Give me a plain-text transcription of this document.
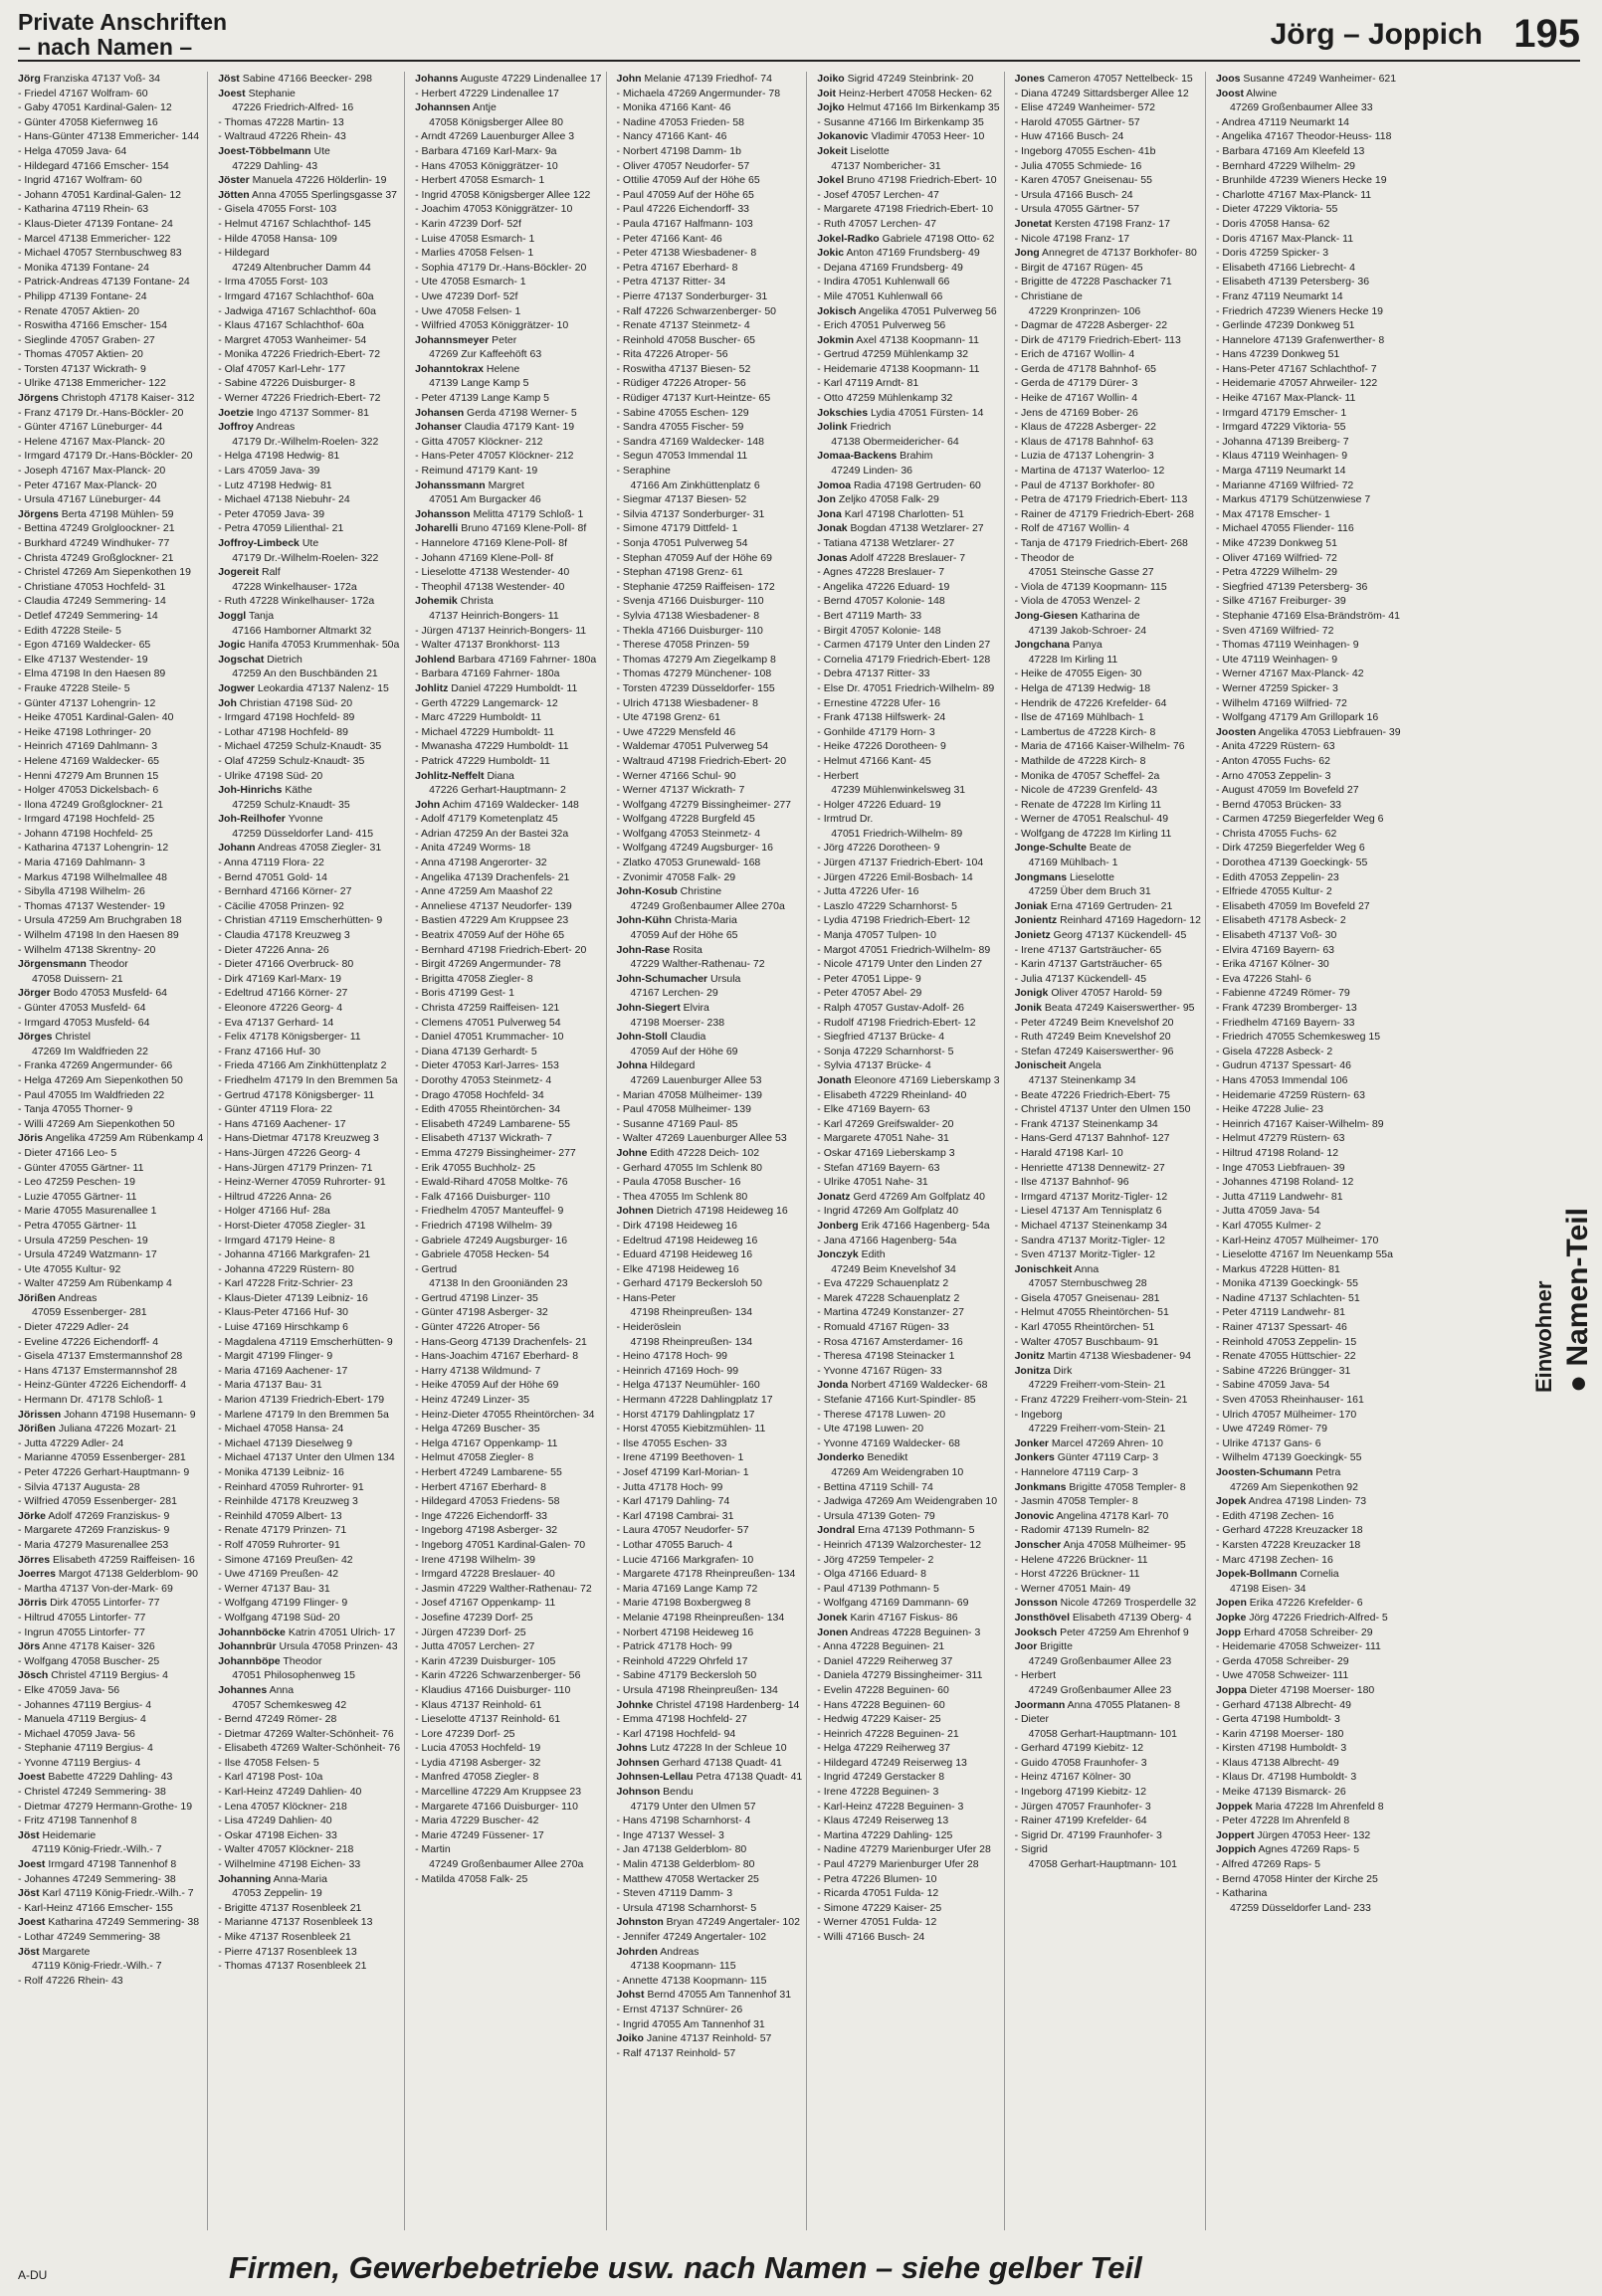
Private Anschriften
– nach Namen –	Jörg – Joppich 195
Jörg Franziska 47137 Voß- 34
- Friedel 47167 Wolfram- 60
- Gaby 47051 Kardinal-Galen- 12
- Günter 47058 Kiefernweg 16
- Hans-Günter 47138 Emmericher- 144
- Helga 47059 Java- 64
- Hildegard 47166 Emscher- 154
- Ingrid 47167 Wolfram- 60
- Johann 47051 Kardinal-Galen- 12
- Katharina 47119 Rhein- 63
- Klaus-Dieter 47139 Fontane- 24
- Marcel 47138 Emmericher- 122
- Michael 47057 Sternbuschweg 83
- Monika 47139 Fontane- 24
- Patrick-Andreas 47139 Fontane- 24
- Philipp 47139 Fontane- 24
- Renate 47057 Aktien- 20
- Roswitha 47166 Emscher- 154
- Sieglinde 47057 Graben- 27
- Thomas 47057 Aktien- 20
- Torsten 47137 Wickrath- 9
- Ulrike 47138 Emmericher- 122
Jörgens Christoph 47178 Kaiser- 312
- Franz 47179 Dr.-Hans-Böckler- 20
- Günter 47167 Lüneburger- 44
- Helene 47167 Max-Planck- 20
- Irmgard 47179 Dr.-Hans-Böckler- 20
- Joseph 47167 Max-Planck- 20
- Peter 47167 Max-Planck- 20
- Ursula 47167 Lüneburger- 44
Jörgens Berta 47198 Mühlen- 59
- Bettina 47249 Grolgloockner- 21
- Burkhard 47249 Windhuker- 77
- Christa 47249 Großglockner- 21
- Christel 47269 Am Siepenkothen 19
- Christiane 47053 Hochfeld- 31
- Claudia 47249 Semmering- 14
- Detlef 47249 Semmering- 14
- Edith 47228 Steile- 5
- Egon 47169 Waldecker- 65
- Elke 47137 Westender- 19
- Elma 47198 In den Haesen 89
- Frauke 47228 Steile- 5
- Günter 47137 Lohengrin- 12
- Heike 47051 Kardinal-Galen- 40
- Heike 47198 Lothringer- 20
- Heinrich 47169 Dahlmann- 3
- Helene 47169 Waldecker- 65
- Henni 47279 Am Brunnen 15
- Holger 47053 Dickelsbach- 6
- Ilona 47249 Großglockner- 21
- Irmgard 47198 Hochfeld- 25
- Johann 47198 Hochfeld- 25
- Katharina 47137 Lohengrin- 12
- Maria 47169 Dahlmann- 3
- Markus 47198 Wilhelmallee 48
- Sibylla 47198 Wilhelm- 26
- Thomas 47137 Westender- 19
- Ursula 47259 Am Bruchgraben 18
- Wilhelm 47198 In den Haesen 89
- Wilhelm 47138 Skrentny- 20
Jörgensmann Theodor
47058 Duissern- 21
Jörger Bodo 47053 Musfeld- 64
- Günter 47053 Musfeld- 64
- Irmgard 47053 Musfeld- 64
Jörges Christel
47269 Im Waldfrieden 22
- Franka 47269 Angermunder- 66
- Helga 47269 Am Siepenkothen 50
- Paul 47055 Im Waldfrieden 22
- Tanja 47055 Thorner- 9
- Willi 47269 Am Siepenkothen 50
Jöris Angelika 47259 Am Rübenkamp 4
- Dieter 47166 Leo- 5
- Günter 47055 Gärtner- 11
- Leo 47259 Peschen- 19
- Luzie 47055 Gärtner- 11
- Marie 47055 Masurenallee 1
- Petra 47055 Gärtner- 11
- Ursula 47259 Peschen- 19
- Ursula 47249 Watzmann- 17
- Ute 47055 Kultur- 92
- Walter 47259 Am Rübenkamp 4
Jörißen Andreas
47059 Essenberger- 281
- Dieter 47229 Adler- 24
- Eveline 47226 Eichendorff- 4
- Gisela 47137 Emstermannshof 28
- Hans 47137 Emstermannshof 28
- Heinz-Günter 47226 Eichendorff- 4
- Hermann Dr. 47178 Schloß- 1
Jörissen Johann 47198 Husemann- 9
Jörißen Juliana 47226 Mozart- 21
- Jutta 47229 Adler- 24
- Marianne 47059 Essenberger- 281
- Peter 47226 Gerhart-Hauptmann- 9
- Silvia 47137 Augusta- 28
- Wilfried 47059 Essenberger- 281
Jörke Adolf 47269 Franziskus- 9
- Margarete 47269 Franziskus- 9
- Maria 47279 Masurenallee 253
Jörres Elisabeth 47259 Raiffeisen- 16
Joerres Margot 47138 Gelderblom- 90
- Martha 47137 Von-der-Mark- 69
Jörris Dirk 47055 Lintorfer- 77
- Hiltrud 47055 Lintorfer- 77
- Ingrun 47055 Lintorfer- 77
Jörs Anne 47178 Kaiser- 326
- Wolfgang 47058 Buscher- 25
Jösch Christel 47119 Bergius- 4
- Elke 47059 Java- 56
- Johannes 47119 Bergius- 4
- Manuela 47119 Bergius- 4
- Michael 47059 Java- 56
- Stephanie 47119 Bergius- 4
- Yvonne 47119 Bergius- 4
Joest Babette 47229 Dahling- 43
- Christel 47249 Semmering- 38
- Dietmar 47279 Hermann-Grothe- 19
- Fritz 47198 Tannenhof 8
Jöst Heidemarie
47119 König-Friedr.-Wilh.- 7
Joest Irmgard 47198 Tannenhof 8
- Johannes 47249 Semmering- 38
Jöst Karl 47119 König-Friedr.-Wilh.- 7
- Karl-Heinz 47166 Emscher- 155
Joest Katharina 47249 Semmering- 38
- Lothar 47249 Semmering- 38
Jöst Margarete
47119 König-Friedr.-Wilh.- 7
- Rolf 47226 Rhein- 43
Jöst Sabine 47166 Beecker- 298
Joest Stephanie
47226 Friedrich-Alfred- 16
- Thomas 47228 Martin- 13
- Waltraud 47226 Rhein- 43
Joest-Többelmann Ute
47229 Dahling- 43
Jöster Manuela 47226 Hölderlin- 19
Jötten Anna 47055 Sperlingsgasse 37
- Gisela 47055 Forst- 103
- Helmut 47167 Schlachthof- 145
- Hilde 47058 Hansa- 109
- Hildegard
47249 Altenbrucher Damm 44
- Irma 47055 Forst- 103
- Irmgard 47167 Schlachthof- 60a
- Jadwiga 47167 Schlachthof- 60a
- Klaus 47167 Schlachthof- 60a
- Margret 47053 Wanheimer- 54
- Monika 47226 Friedrich-Ebert- 72
- Olaf 47057 Karl-Lehr- 177
- Sabine 47226 Duisburger- 8
- Werner 47226 Friedrich-Ebert- 72
Joetzie Ingo 47137 Sommer- 81
Joffroy Andreas
47179 Dr.-Wilhelm-Roelen- 322
- Helga 47198 Hedwig- 81
- Lars 47059 Java- 39
- Lutz 47198 Hedwig- 81
- Michael 47138 Niebuhr- 24
- Peter 47059 Java- 39
- Petra 47059 Lilienthal- 21
Joffroy-Limbeck Ute
47179 Dr.-Wilhelm-Roelen- 322
Jogereit Ralf
47228 Winkelhauser- 172a
- Ruth 47228 Winkelhauser- 172a
Joggl Tanja
47166 Hamborner Altmarkt 32
Jogic Hanifa 47053 Krummenhak- 50a
Jogschat Dietrich
47259 An den Buschbänden 21
Jogwer Leokardia 47137 Nalenz- 15
Joh Christian 47198 Süd- 20
- Irmgard 47198 Hochfeld- 89
- Lothar 47198 Hochfeld- 89
- Michael 47259 Schulz-Knaudt- 35
- Olaf 47259 Schulz-Knaudt- 35
- Ulrike 47198 Süd- 20
Joh-Hinrichs Käthe
47259 Schulz-Knaudt- 35
Joh-Reilhofer Yvonne
47259 Düsseldorfer Land- 415
Johann Andreas 47058 Ziegler- 31
- Anna 47119 Flora- 22
- Bernd 47051 Gold- 14
- Bernhard 47166 Körner- 27
- Cäcilie 47058 Prinzen- 92
- Christian 47119 Emscherhütten- 9
- Claudia 47178 Kreuzweg 3
- Dieter 47226 Anna- 26
- Dieter 47166 Overbruck- 80
- Dirk 47169 Karl-Marx- 19
- Edeltrud 47166 Körner- 27
- Eleonore 47226 Georg- 4
- Eva 47137 Gerhard- 14
- Felix 47178 Königsberger- 11
- Franz 47166 Huf- 30
- Frieda 47166 Am Zinkhüttenplatz 2
- Friedhelm 47179 In den Bremmen 5a
- Gertrud 47178 Königsberger- 11
- Günter 47119 Flora- 22
- Hans 47169 Aachener- 17
- Hans-Dietmar 47178 Kreuzweg 3
- Hans-Jürgen 47226 Georg- 4
- Hans-Jürgen 47179 Prinzen- 71
- Heinz-Werner 47059 Ruhrorter- 91
- Hiltrud 47226 Anna- 26
- Holger 47166 Huf- 28a
- Horst-Dieter 47058 Ziegler- 31
- Irmgard 47179 Heine- 8
- Johanna 47166 Markgrafen- 21
- Johanna 47229 Rüstern- 80
- Karl 47228 Fritz-Schrier- 23
- Klaus-Dieter 47139 Leibniz- 16
- Klaus-Peter 47166 Huf- 30
- Luise 47169 Hirschkamp 6
- Magdalena 47119 Emscherhütten- 9
- Margit 47199 Flinger- 9
- Maria 47169 Aachener- 17
- Maria 47137 Bau- 31
- Marion 47139 Friedrich-Ebert- 179
- Marlene 47179 In den Bremmen 5a
- Michael 47058 Hansa- 24
- Michael 47139 Dieselweg 9
- Michael 47137 Unter den Ulmen 134
- Monika 47139 Leibniz- 16
- Reinhard 47059 Ruhrorter- 91
- Reinhilde 47178 Kreuzweg 3
- Reinhild 47059 Albert- 13
- Renate 47179 Prinzen- 71
- Rolf 47059 Ruhrorter- 91
- Simone 47169 Preußen- 42
- Uwe 47169 Preußen- 42
- Werner 47137 Bau- 31
- Wolfgang 47199 Flinger- 9
- Wolfgang 47198 Süd- 20
Johannböcke Katrin 47051 Ulrich- 17
Johannbrür Ursula 47058 Prinzen- 43
Johannböpe Theodor
47051 Philosophenweg 15
Johannes Anna
47057 Schemkesweg 42
- Bernd 47249 Römer- 28
- Dietmar 47269 Walter-Schönheit- 76
- Elisabeth 47269 Walter-Schönheit- 76
- Ilse 47058 Felsen- 5
- Karl 47198 Post- 10a
- Karl-Heinz 47249 Dahlien- 40
- Lena 47057 Klöckner- 218
- Lisa 47249 Dahlien- 40
- Oskar 47198 Eichen- 33
- Walter 47057 Klöckner- 218
- Wilhelmine 47198 Eichen- 33
Johanning Anna-Maria
47053 Zeppelin- 19
- Brigitte 47137 Rosenbleek 21
- Marianne 47137 Rosenbleek 13
- Mike 47137 Rosenbleek 21
- Pierre 47137 Rosenbleek 13
- Thomas 47137 Rosenbleek 21
Johanns Auguste 47229 Lindenallee 17
- Herbert 47229 Lindenallee 17
Johannsen Antje
47058 Königsberger Allee 80
- Arndt 47269 Lauenburger Allee 3
- Barbara 47169 Karl-Marx- 9a
- Hans 47053 Königgrätzer- 10
- Herbert 47058 Esmarch- 1
- Ingrid 47058 Königsberger Allee 122
- Joachim 47053 Königgrätzer- 10
- Karin 47239 Dorf- 52f
- Luise 47058 Esmarch- 1
- Marlies 47058 Felsen- 1
- Sophia 47179 Dr.-Hans-Böckler- 20
- Ute 47058 Esmarch- 1
- Uwe 47239 Dorf- 52f
- Uwe 47058 Felsen- 1
- Wilfried 47053 Königgrätzer- 10
Johannsmeyer Peter
47269 Zur Kaffeehöft 63
Johanntokrax Helene
47139 Lange Kamp 5
- Peter 47139 Lange Kamp 5
Johansen Gerda 47198 Werner- 5
Johanser Claudia 47179 Kant- 19
- Gitta 47057 Klöckner- 212
- Hans-Peter 47057 Klöckner- 212
- Reimund 47179 Kant- 19
Johanssmann Margret
47051 Am Burgacker 46
Johansson Melitta 47179 Schloß- 1
Joharelli Bruno 47169 Klene-Poll- 8f
- Hannelore 47169 Klene-Poll- 8f
- Johann 47169 Klene-Poll- 8f
- Lieselotte 47138 Westender- 40
- Theophil 47138 Westender- 40
Johemik Christa
47137 Heinrich-Bongers- 11
- Jürgen 47137 Heinrich-Bongers- 11
- Walter 47137 Bronkhorst- 113
Johlend Barbara 47169 Fahrner- 180a
- Barbara 47169 Fahrner- 180a
Johlitz Daniel 47229 Humboldt- 11
- Gerth 47229 Langemarck- 12
- Marc 47229 Humboldt- 11
- Michael 47229 Humboldt- 11
- Mwanasha 47229 Humboldt- 11
- Patrick 47229 Humboldt- 11
Johlitz-Neffelt Diana
47226 Gerhart-Hauptmann- 2
John Achim 47169 Waldecker- 148
- Adolf 47179 Kometenplatz 45
- Adrian 47259 An der Bastei 32a
- Anita 47249 Worms- 18
- Anna 47198 Angerorter- 32
- Angelika 47139 Drachenfels- 21
- Anne 47259 Am Maashof 22
- Anneliese 47137 Neudorfer- 139
- Bastien 47229 Am Kruppsee 23
- Beatrix 47059 Auf der Höhe 65
- Bernhard 47198 Friedrich-Ebert- 20
- Birgit 47269 Angermunder- 78
- Brigitta 47058 Ziegler- 8
- Boris 47199 Gest- 1
- Christa 47259 Raiffeisen- 121
- Clemens 47051 Pulverweg 54
- Daniel 47051 Krummacher- 10
- Diana 47139 Gerhardt- 5
- Dieter 47053 Karl-Jarres- 153
- Dorothy 47053 Steinmetz- 4
- Drago 47058 Hochfeld- 34
- Edith 47055 Rheintörchen- 34
- Elisabeth 47249 Lambarene- 55
- Elisabeth 47137 Wickrath- 7
- Emma 47279 Bissingheimer- 277
- Erik 47055 Buchholz- 25
- Ewald-Rihard 47058 Moltke- 76
- Falk 47166 Duisburger- 110
- Friedhelm 47057 Manteuffel- 9
- Friedrich 47198 Wilhelm- 39
- Gabriele 47249 Augsburger- 16
- Gabriele 47058 Hecken- 54
- Gertrud
47138 In den Grooniänden 23
- Gertrud 47198 Linzer- 35
- Günter 47198 Asberger- 32
- Günter 47226 Atroper- 56
- Hans-Georg 47139 Drachenfels- 21
- Hans-Joachim 47167 Eberhard- 8
- Harry 47138 Wildmund- 7
- Heike 47059 Auf der Höhe 69
- Heinz 47249 Linzer- 35
- Heinz-Dieter 47055 Rheintörchen- 34
- Helga 47269 Buscher- 35
- Helga 47167 Oppenkamp- 11
- Helmut 47058 Ziegler- 8
- Herbert 47249 Lambarene- 55
- Herbert 47167 Eberhard- 8
- Hildegard 47053 Friedens- 58
- Inge 47226 Eichendorff- 33
- Ingeborg 47198 Asberger- 32
- Ingeborg 47051 Kardinal-Galen- 70
- Irene 47198 Wilhelm- 39
- Irmgard 47228 Breslauer- 40
- Jasmin 47229 Walther-Rathenau- 72
- Josef 47167 Oppenkamp- 11
- Josefine 47239 Dorf- 25
- Jürgen 47239 Dorf- 25
- Jutta 47057 Lerchen- 27
- Karin 47239 Duisburger- 105
- Karin 47226 Schwarzenberger- 56
- Klaudius 47166 Duisburger- 110
- Klaus 47137 Reinhold- 61
- Lieselotte 47137 Reinhold- 61
- Lore 47239 Dorf- 25
- Lucia 47053 Hochfeld- 19
- Lydia 47198 Asberger- 32
- Manfred 47058 Ziegler- 8
- Marcelline 47229 Am Kruppsee 23
- Margarete 47166 Duisburger- 110
- Maria 47229 Buscher- 42
- Marie 47249 Füssener- 17
- Martin
47249 Großenbaumer Allee 270a
- Matilda 47058 Falk- 25
John Melanie 47139 Friedhof- 74
- Michaela 47269 Angermunder- 78
- Monika 47166 Kant- 46
- Nadine 47053 Frieden- 58
- Nancy 47166 Kant- 46
- Norbert 47198 Damm- 1b
- Oliver 47057 Neudorfer- 57
- Ottilie 47059 Auf der Höhe 65
- Paul 47059 Auf der Höhe 65
- Paul 47226 Eichendorff- 33
- Paula 47167 Halfmann- 103
- Peter 47166 Kant- 46
- Peter 47138 Wiesbadener- 8
- Petra 47167 Eberhard- 8
- Petra 47137 Ritter- 34
- Pierre 47137 Sonderburger- 31
- Ralf 47226 Schwarzenberger- 50
- Renate 47137 Steinmetz- 4
- Reinhold 47058 Buscher- 65
- Rita 47226 Atroper- 56
- Roswitha 47137 Biesen- 52
- Rüdiger 47226 Atroper- 56
- Rüdiger 47137 Kurt-Heintze- 65
- Sabine 47055 Eschen- 129
- Sandra 47055 Fischer- 59
- Sandra 47169 Waldecker- 148
- Segun 47053 Immendal 11
- Seraphine
47166 Am Zinkhüttenplatz 6
- Siegmar 47137 Biesen- 52
- Silvia 47137 Sonderburger- 31
- Simone 47179 Dittfeld- 1
- Sonja 47051 Pulverweg 54
- Stephan 47059 Auf der Höhe 69
- Stephan 47198 Grenz- 61
- Stephanie 47259 Raiffeisen- 172
- Svenja 47166 Duisburger- 110
- Sylvia 47138 Wiesbadener- 8
- Thekla 47166 Duisburger- 110
- Therese 47058 Prinzen- 59
- Thomas 47279 Am Ziegelkamp 8
- Thomas 47279 Münchener- 108
- Torsten 47239 Düsseldorfer- 155
- Ulrich 47138 Wiesbadener- 8
- Ute 47198 Grenz- 61
- Uwe 47229 Mensfeld 46
- Waldemar 47051 Pulverweg 54
- Waltraud 47198 Friedrich-Ebert- 20
- Werner 47166 Schul- 90
- Werner 47137 Wickrath- 7
- Wolfgang 47279 Bissingheimer- 277
- Wolfgang 47228 Burgfeld 45
- Wolfgang 47053 Steinmetz- 4
- Wolfgang 47249 Augsburger- 16
- Zlatko 47053 Grunewald- 168
- Zvonimir 47058 Falk- 29
John-Kosub Christine
47249 Großenbaumer Allee 270a
John-Kühn Christa-Maria
47059 Auf der Höhe 65
John-Rase Rosita
47229 Walther-Rathenau- 72
John-Schumacher Ursula
47167 Lerchen- 29
John-Siegert Elvira
47198 Moerser- 238
John-Stoll Claudia
47059 Auf der Höhe 69
Johna Hildegard
47269 Lauenburger Allee 53
- Marian 47058 Mülheimer- 139
- Paul 47058 Mülheimer- 139
- Susanne 47169 Paul- 85
- Walter 47269 Lauenburger Allee 53
Johne Edith 47228 Deich- 102
- Gerhard 47055 Im Schlenk 80
- Paula 47058 Buscher- 16
- Thea 47055 Im Schlenk 80
Johnen Dietrich 47198 Heideweg 16
- Dirk 47198 Heideweg 16
- Edeltrud 47198 Heideweg 16
- Eduard 47198 Heideweg 16
- Elke 47198 Heideweg 16
- Gerhard 47179 Beckersloh 50
- Hans-Peter
47198 Rheinpreußen- 134
- Heideröslein
47198 Rheinpreußen- 134
- Heino 47178 Hoch- 99
- Heinrich 47169 Hoch- 99
- Helga 47137 Neumühler- 160
- Hermann 47228 Dahlingplatz 17
- Horst 47179 Dahlingplatz 17
- Horst 47055 Kiebitzmühlen- 11
- Ilse 47055 Eschen- 33
- Irene 47199 Beethoven- 1
- Josef 47199 Karl-Morian- 1
- Jutta 47178 Hoch- 99
- Karl 47179 Dahling- 74
- Karl 47198 Cambrai- 31
- Laura 47057 Neudorfer- 57
- Lothar 47055 Baruch- 4
- Lucie 47166 Markgrafen- 10
- Margarete 47178 Rheinpreußen- 134
- Maria 47169 Lange Kamp 72
- Marie 47198 Boxbergweg 8
- Melanie 47198 Rheinpreußen- 134
- Norbert 47198 Heideweg 16
- Patrick 47178 Hoch- 99
- Reinhold 47229 Ohrfeld 17
- Sabine 47179 Beckersloh 50
- Ursula 47198 Rheinpreußen- 134
Johnke Christel 47198 Hardenberg- 14
- Emma 47198 Hochfeld- 27
- Karl 47198 Hochfeld- 94
Johns Lutz 47228 In der Schleue 10
Johnsen Gerhard 47138 Quadt- 41
Johnsen-Lellau Petra 47138 Quadt- 41
Johnson Bendu
47179 Unter den Ulmen 57
- Hans 47198 Scharnhorst- 4
- Inge 47137 Wessel- 3
- Jan 47138 Gelderblom- 80
- Malin 47138 Gelderblom- 80
- Matthew 47058 Wertacker 25
- Steven 47119 Damm- 3
- Ursula 47198 Scharnhorst- 5
Johnston Bryan 47249 Angertaler- 102
- Jennifer 47249 Angertaler- 102
Johrden Andreas
47138 Koopmann- 115
- Annette 47138 Koopmann- 115
Johst Bernd 47055 Am Tannenhof 31
- Ernst 47137 Schnürer- 26
- Ingrid 47055 Am Tannenhof 31
Joiko Janine 47137 Reinhold- 57
- Ralf 47137 Reinhold- 57
Joiko Sigrid 47249 Steinbrink- 20
Joit Heinz-Herbert 47058 Hecken- 62
Jojko Helmut 47166 Im Birkenkamp 35
- Susanne 47166 Im Birkenkamp 35
Jokanovic Vladimir 47053 Heer- 10
Jokeit Liselotte
47137 Nombericher- 31
Jokel Bruno 47198 Friedrich-Ebert- 10
- Josef 47057 Lerchen- 47
- Margarete 47198 Friedrich-Ebert- 10
- Ruth 47057 Lerchen- 47
Jokel-Radko Gabriele 47198 Otto- 62
Jokic Anton 47169 Frundsberg- 49
- Dejana 47169 Frundsberg- 49
- Indira 47051 Kuhlenwall 66
- Mile 47051 Kuhlenwall 66
Jokisch Angelika 47051 Pulverweg 56
- Erich 47051 Pulverweg 56
Jokmin Axel 47138 Koopmann- 11
- Gertrud 47259 Mühlenkamp 32
- Heidemarie 47138 Koopmann- 11
- Karl 47119 Arndt- 81
- Otto 47259 Mühlenkamp 32
Jokschies Lydia 47051 Fürsten- 14
Jolink Friedrich
47138 Obermeidericher- 64
Jomaa-Backens Brahim
47249 Linden- 36
Jomoa Radia 47198 Gertruden- 60
Jon Zeljko 47058 Falk- 29
Jona Karl 47198 Charlotten- 51
Jonak Bogdan 47138 Wetzlarer- 27
- Tatiana 47138 Wetzlarer- 27
Jonas Adolf 47228 Breslauer- 7
- Agnes 47228 Breslauer- 7
- Angelika 47226 Eduard- 19
- Bernd 47057 Kolonie- 148
- Bert 47119 Marth- 33
- Birgit 47057 Kolonie- 148
- Carmen 47179 Unter den Linden 27
- Cornelia 47179 Friedrich-Ebert- 128
- Debra 47137 Ritter- 33
- Else Dr. 47051 Friedrich-Wilhelm- 89
- Ernestine 47228 Ufer- 16
- Frank 47138 Hilfswerk- 24
- Gonhilde 47179 Horn- 3
- Heike 47226 Dorotheen- 9
- Helmut 47166 Kant- 45
- Herbert
47239 Mühlenwinkelsweg 31
- Holger 47226 Eduard- 19
- Irmtrud Dr.
47051 Friedrich-Wilhelm- 89
- Jörg 47226 Dorotheen- 9
- Jürgen 47137 Friedrich-Ebert- 104
- Jürgen 47226 Emil-Bosbach- 14
- Jutta 47226 Ufer- 16
- Laszlo 47229 Scharnhorst- 5
- Lydia 47198 Friedrich-Ebert- 12
- Manja 47057 Tulpen- 10
- Margot 47051 Friedrich-Wilhelm- 89
- Nicole 47179 Unter den Linden 27
- Peter 47051 Lippe- 9
- Peter 47057 Abel- 29
- Ralph 47057 Gustav-Adolf- 26
- Rudolf 47198 Friedrich-Ebert- 12
- Siegfried 47137 Brücke- 4
- Sonja 47229 Scharnhorst- 5
- Sylvia 47137 Brücke- 4
Jonath Eleonore 47169 Lieberskamp 3
- Elisabeth 47229 Rheinland- 40
- Elke 47169 Bayern- 63
- Karl 47269 Greifswalder- 20
- Margarete 47051 Nahe- 31
- Oskar 47169 Lieberskamp 3
- Stefan 47169 Bayern- 63
- Ulrike 47051 Nahe- 31
Jonatz Gerd 47269 Am Golfplatz 40
- Ingrid 47269 Am Golfplatz 40
Jonberg Erik 47166 Hagenberg- 54a
- Jana 47166 Hagenberg- 54a
Jonczyk Edith
47249 Beim Knevelshof 34
- Eva 47229 Schauenplatz 2
- Marek 47228 Schauenplatz 2
- Martina 47249 Konstanzer- 27
- Romuald 47167 Rügen- 33
- Rosa 47167 Amsterdamer- 16
- Theresa 47198 Steinacker 1
- Yvonne 47167 Rügen- 33
Jonda Norbert 47169 Waldecker- 68
- Stefanie 47166 Kurt-Spindler- 85
- Therese 47178 Luwen- 20
- Ute 47198 Luwen- 20
- Yvonne 47169 Waldecker- 68
Jonderko Benedikt
47269 Am Weidengraben 10
- Bettina 47119 Schill- 74
- Jadwiga 47269 Am Weidengraben 10
- Ursula 47139 Goten- 79
Jondral Erna 47139 Pothmann- 5
- Heinrich 47139 Walzorchester- 12
- Jörg 47259 Tempeler- 2
- Olga 47166 Eduard- 8
- Paul 47139 Pothmann- 5
- Wolfgang 47169 Dammann- 69
Jonek Karin 47167 Fiskus- 86
Jonen Andreas 47228 Beguinen- 3
- Anna 47228 Beguinen- 21
- Daniel 47229 Reiherweg 37
- Daniela 47279 Bissingheimer- 311
- Evelin 47228 Beguinen- 60
- Hans 47228 Beguinen- 60
- Hedwig 47229 Kaiser- 25
- Heinrich 47228 Beguinen- 21
- Helga 47229 Reiherweg 37
- Hildegard 47249 Reiserweg 13
- Ingrid 47249 Gerstacker 8
- Irene 47228 Beguinen- 3
- Karl-Heinz 47228 Beguinen- 3
- Klaus 47249 Reiserweg 13
- Martina 47229 Dahling- 125
- Nadine 47279 Marienburger Ufer 28
- Paul 47279 Marienburger Ufer 28
- Petra 47226 Blumen- 10
- Ricarda 47051 Fulda- 12
- Simone 47229 Kaiser- 25
- Werner 47051 Fulda- 12
- Willi 47166 Busch- 24
Jones Cameron 47057 Nettelbeck- 15
- Diana 47249 Sittardsberger Allee 12
- Elise 47249 Wanheimer- 572
- Harold 47055 Gärtner- 57
- Huw 47166 Busch- 24
- Ingeborg 47055 Eschen- 41b
- Julia 47055 Schmiede- 16
- Karen 47057 Gneisenau- 55
- Ursula 47166 Busch- 24
- Ursula 47055 Gärtner- 57
Jonetat Kersten 47198 Franz- 17
- Nicole 47198 Franz- 17
Jong Annegret de 47137 Borkhofer- 80
- Birgit de 47167 Rügen- 45
- Brigitte de 47228 Paschacker 71
- Christiane de
47229 Kronprinzen- 106
- Dagmar de 47228 Asberger- 22
- Dirk de 47179 Friedrich-Ebert- 113
- Erich de 47167 Wollin- 4
- Gerda de 47178 Bahnhof- 65
- Gerda de 47179 Dürer- 3
- Heike de 47167 Wollin- 4
- Jens de 47169 Bober- 26
- Klaus de 47228 Asberger- 22
- Klaus de 47178 Bahnhof- 63
- Luzia de 47137 Lohengrin- 3
- Martina de 47137 Waterloo- 12
- Paul de 47137 Borkhofer- 80
- Petra de 47179 Friedrich-Ebert- 113
- Rainer de 47179 Friedrich-Ebert- 268
- Rolf de 47167 Wollin- 4
- Tanja de 47179 Friedrich-Ebert- 268
- Theodor de
47051 Steinsche Gasse 27
- Viola de 47139 Koopmann- 115
- Viola de 47053 Wenzel- 2
Jong-Giesen Katharina de
47139 Jakob-Schroer- 24
Jongchana Panya
47228 Im Kirling 11
- Heike de 47055 Eigen- 30
- Helga de 47139 Hedwig- 18
- Hendrik de 47226 Krefelder- 64
- Ilse de 47169 Mühlbach- 1
- Lambertus de 47228 Kirch- 8
- Maria de 47166 Kaiser-Wilhelm- 76
- Mathilde de 47228 Kirch- 8
- Monika de 47057 Scheffel- 2a
- Nicole de 47239 Grenfeld- 43
- Renate de 47228 Im Kirling 11
- Werner de 47051 Realschul- 49
- Wolfgang de 47228 Im Kirling 11
Jonge-Schulte Beate de
47169 Mühlbach- 1
Jongmans Lieselotte
47259 Über dem Bruch 31
Joniak Erna 47169 Gertruden- 21
Jonientz Reinhard 47169 Hagedorn- 12
Jonietz Georg 47137 Kückendell- 45
- Irene 47137 Gartsträucher- 65
- Karin 47137 Gartsträucher- 65
- Julia 47137 Kückendell- 45
Jonigk Oliver 47057 Harold- 59
Jonik Beata 47249 Kaiserswerther- 95
- Peter 47249 Beim Knevelshof 20
- Ruth 47249 Beim Knevelshof 20
- Stefan 47249 Kaiserswerther- 96
Jonischeit Angela
47137 Steinenkamp 34
- Beate 47226 Friedrich-Ebert- 75
- Christel 47137 Unter den Ulmen 150
- Frank 47137 Steinenkamp 34
- Hans-Gerd 47137 Bahnhof- 127
- Harald 47198 Karl- 10
- Henriette 47138 Dennewitz- 27
- Ilse 47137 Bahnhof- 96
- Irmgard 47137 Moritz-Tigler- 12
- Liesel 47137 Am Tennisplatz 6
- Michael 47137 Steinenkamp 34
- Sandra 47137 Moritz-Tigler- 12
- Sven 47137 Moritz-Tigler- 12
Jonischkeit Anna
47057 Sternbuschweg 28
- Gisela 47057 Gneisenau- 281
- Helmut 47055 Rheintörchen- 51
- Karl 47055 Rheintörchen- 51
- Walter 47057 Buschbaum- 91
Jonitz Martin 47138 Wiesbadener- 94
Jonitza Dirk
47229 Freiherr-vom-Stein- 21
- Franz 47229 Freiherr-vom-Stein- 21
- Ingeborg
47229 Freiherr-vom-Stein- 21
Jonker Marcel 47269 Ahren- 10
Jonkers Günter 47119 Carp- 3
- Hannelore 47119 Carp- 3
Jonkmans Brigitte 47058 Templer- 8
- Jasmin 47058 Templer- 8
Jonovic Angelina 47178 Karl- 70
- Radomir 47139 Rumeln- 82
Jonscher Anja 47058 Mülheimer- 95
- Helene 47226 Brückner- 11
- Horst 47226 Brückner- 11
- Werner 47051 Main- 49
Jonsson Nicole 47269 Trosperdelle 32
Jonsthövel Elisabeth 47139 Oberg- 4
Jooksch Peter 47259 Am Ehrenhof 9
Joor Brigitte
47249 Großenbaumer Allee 23
- Herbert
47249 Großenbaumer Allee 23
Joormann Anna 47055 Platanen- 8
- Dieter
47058 Gerhart-Hauptmann- 101
- Gerhard 47199 Kiebitz- 12
- Guido 47058 Fraunhofer- 3
- Heinz 47167 Kölner- 30
- Ingeborg 47199 Kiebitz- 12
- Jürgen 47057 Fraunhofer- 3
- Rainer 47199 Krefelder- 64
- Sigrid Dr. 47199 Fraunhofer- 3
- Sigrid
47058 Gerhart-Hauptmann- 101
Joos Susanne 47249 Wanheimer- 621
Joost Alwine
47269 Großenbaumer Allee 33
- Andrea 47119 Neumarkt 14
- Angelika 47167 Theodor-Heuss- 118
- Barbara 47169 Am Kleefeld 13
- Bernhard 47229 Wilhelm- 29
- Brunhilde 47239 Wieners Hecke 19
- Charlotte 47167 Max-Planck- 11
- Dieter 47229 Viktoria- 55
- Doris 47058 Hansa- 62
- Doris 47167 Max-Planck- 11
- Doris 47259 Spicker- 3
- Elisabeth 47166 Liebrecht- 4
- Elisabeth 47139 Petersberg- 36
- Franz 47119 Neumarkt 14
- Friedrich 47239 Wieners Hecke 19
- Gerlinde 47239 Donkweg 51
- Hannelore 47139 Grafenwerther- 8
- Hans 47239 Donkweg 51
- Hans-Peter 47167 Schlachthof- 7
- Heidemarie 47057 Ahrweiler- 122
- Heike 47167 Max-Planck- 11
- Irmgard 47179 Emscher- 1
- Irmgard 47229 Viktoria- 55
- Johanna 47139 Breiberg- 7
- Klaus 47119 Weinhagen- 9
- Marga 47119 Neumarkt 14
- Marianne 47169 Wilfried- 72
- Markus 47179 Schützenwiese 7
- Max 47178 Emscher- 1
- Michael 47055 Fliender- 116
- Mike 47239 Donkweg 51
- Oliver 47169 Wilfried- 72
- Petra 47229 Wilhelm- 29
- Siegfried 47139 Petersberg- 36
- Silke 47167 Freiburger- 39
- Stephanie 47169 Elsa-Brändström- 41
- Sven 47169 Wilfried- 72
- Thomas 47119 Weinhagen- 9
- Ute 47119 Weinhagen- 9
- Werner 47167 Max-Planck- 42
- Werner 47259 Spicker- 3
- Wilhelm 47169 Wilfried- 72
- Wolfgang 47179 Am Grillopark 16
Joosten Angelika 47053 Liebfrauen- 39
- Anita 47229 Rüstern- 63
- Anton 47055 Fuchs- 62
- Arno 47053 Zeppelin- 3
- August 47059 Im Bovefeld 27
- Bernd 47053 Brücken- 33
- Carmen 47259 Biegerfelder Weg 6
- Christa 47055 Fuchs- 62
- Dirk 47259 Biegerfelder Weg 6
- Dorothea 47139 Goeckingk- 55
- Edith 47053 Zeppelin- 23
- Elfriede 47055 Kultur- 2
- Elisabeth 47059 Im Bovefeld 27
- Elisabeth 47178 Asbeck- 2
- Elisabeth 47137 Voß- 30
- Elvira 47169 Bayern- 63
- Erika 47167 Kölner- 30
- Eva 47226 Stahl- 6
- Fabienne 47249 Römer- 79
- Frank 47239 Bromberger- 13
- Friedhelm 47169 Bayern- 33
- Friedrich 47055 Schemkesweg 15
- Gisela 47228 Asbeck- 2
- Gudrun 47137 Spessart- 46
- Hans 47053 Immendal 106
- Heidemarie 47259 Rüstern- 63
- Heike 47228 Julie- 23
- Heinrich 47167 Kaiser-Wilhelm- 89
- Helmut 47279 Rüstern- 63
- Hiltrud 47198 Roland- 12
- Inge 47053 Liebfrauen- 39
- Johannes 47198 Roland- 12
- Jutta 47119 Landwehr- 81
- Jutta 47059 Java- 54
- Karl 47055 Kulmer- 2
- Karl-Heinz 47057 Mülheimer- 170
- Lieselotte 47167 Im Neuenkamp 55a
- Markus 47228 Hütten- 81
- Monika 47139 Goeckingk- 55
- Nadine 47137 Schlachten- 51
- Peter 47119 Landwehr- 81
- Rainer 47137 Spessart- 46
- Reinhold 47053 Zeppelin- 15
- Renate 47055 Hüttschier- 22
- Sabine 47226 Brüngger- 31
- Sabine 47059 Java- 54
- Sven 47053 Rheinhauser- 161
- Ulrich 47057 Mülheimer- 170
- Uwe 47249 Römer- 79
- Ulrike 47137 Gans- 6
- Wilhelm 47139 Goeckingk- 55
Joosten-Schumann Petra
47269 Am Siepenkothen 92
Jopek Andrea 47198 Linden- 73
- Edith 47198 Zechen- 16
- Gerhard 47228 Kreuzacker 18
- Karsten 47228 Kreuzacker 18
- Marc 47198 Zechen- 16
Jopek-Bollmann Cornelia
47198 Eisen- 34
Jopen Erika 47226 Krefelder- 6
Jopke Jörg 47226 Friedrich-Alfred- 5
Jopp Erhard 47058 Schreiber- 29
- Heidemarie 47058 Schweizer- 111
- Gerda 47058 Schreiber- 29
- Uwe 47058 Schweizer- 111
Joppa Dieter 47198 Moerser- 180
- Gerhard 47138 Albrecht- 49
- Gerta 47198 Humboldt- 3
- Karin 47198 Moerser- 180
- Kirsten 47198 Humboldt- 3
- Klaus 47138 Albrecht- 49
- Klaus Dr. 47198 Humboldt- 3
- Meike 47139 Bismarck- 26
Joppek Maria 47228 Im Ahrenfeld 8
- Peter 47228 Im Ahrenfeld 8
Joppert Jürgen 47053 Heer- 132
Joppich Agnes 47269 Raps- 5
- Alfred 47269 Raps- 5
- Bernd 47058 Hinter der Kirche 25
- Katharina
47259 Düsseldorfer Land- 233
Einwohner ● Namen-Teil
A-DU	Firmen, Gewerbebetriebe usw. nach Namen – siehe gelber Teil
